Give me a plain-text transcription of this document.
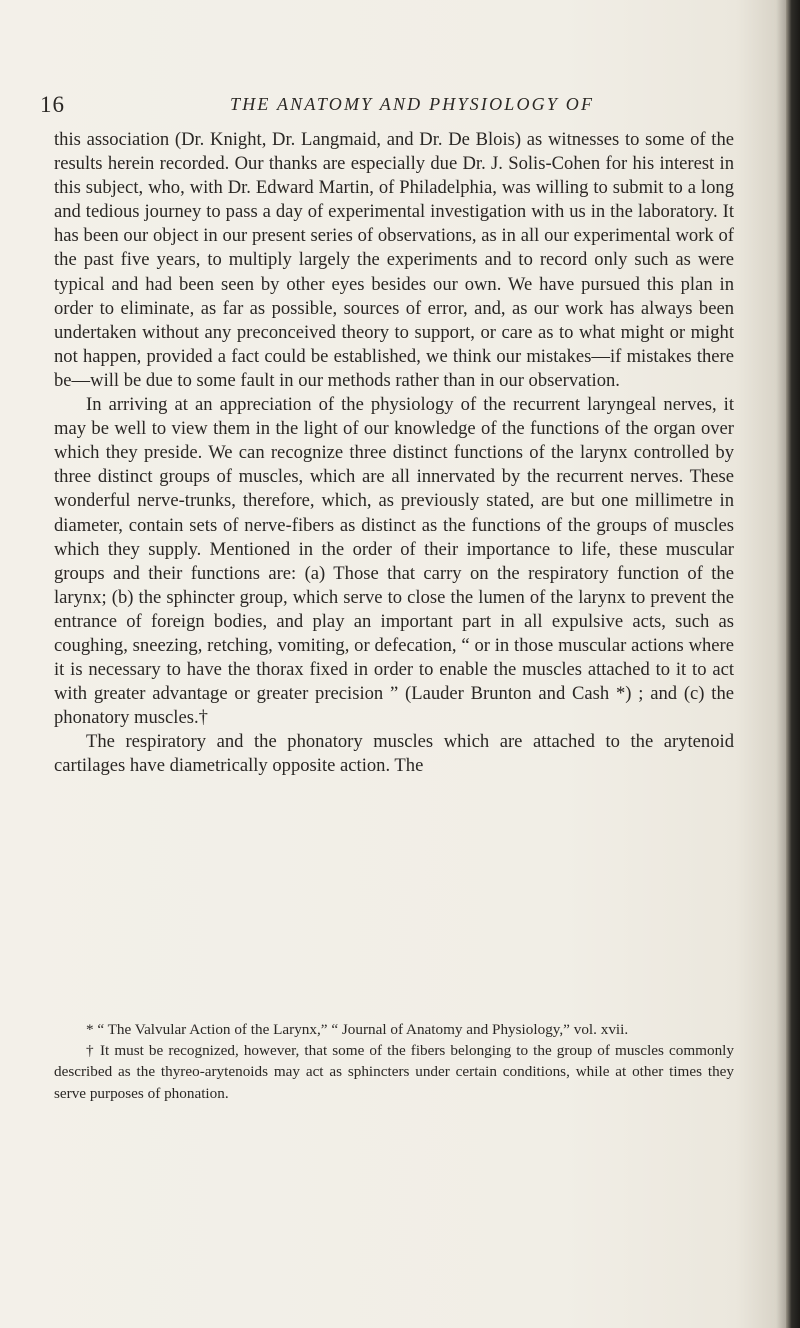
16	THE ANATOMY AND PHYSIOLOGY OF

this association (Dr. Knight, Dr. Langmaid, and Dr. De Blois) as witnesses to some of the results herein recorded. Our thanks are especially due Dr. J. Solis-Cohen for his interest in this subject, who, with Dr. Edward Martin, of Philadelphia, was willing to submit to a long and tedious journey to pass a day of experimental investigation with us in the laboratory. It has been our object in our present series of observations, as in all our experimental work of the past five years, to multiply largely the experiments and to record only such as were typical and had been seen by other eyes besides our own. We have pursued this plan in order to eliminate, as far as possible, sources of error, and, as our work has always been undertaken without any preconceived theory to support, or care as to what might or might not happen, provided a fact could be established, we think our mistakes—if mistakes there be—will be due to some fault in our methods rather than in our observation.

In arriving at an appreciation of the physiology of the recurrent laryngeal nerves, it may be well to view them in the light of our knowledge of the functions of the organ over which they preside. We can recognize three distinct functions of the larynx controlled by three distinct groups of muscles, which are all innervated by the recurrent nerves. These wonderful nerve-trunks, therefore, which, as previously stated, are but one millimetre in diameter, contain sets of nerve-fibers as distinct as the functions of the groups of muscles which they supply. Mentioned in the order of their importance to life, these muscular groups and their functions are: (a) Those that carry on the respiratory function of the larynx; (b) the sphincter group, which serve to close the lumen of the larynx to prevent the entrance of foreign bodies, and play an important part in all expulsive acts, such as coughing, sneezing, retching, vomiting, or defecation, “ or in those muscular actions where it is necessary to have the thorax fixed in order to enable the muscles attached to it to act with greater advantage or greater precision ” (Lauder Brunton and Cash *) ; and (c) the phonatory muscles.†

The respiratory and the phonatory muscles which are attached to the arytenoid cartilages have diametrically opposite action. The

* “ The Valvular Action of the Larynx,” “ Journal of Anatomy and Physiology,” vol. xvii.

† It must be recognized, however, that some of the fibers belonging to the group of muscles commonly described as the thyreo-arytenoids may act as sphincters under certain conditions, while at other times they serve purposes of phonation.
